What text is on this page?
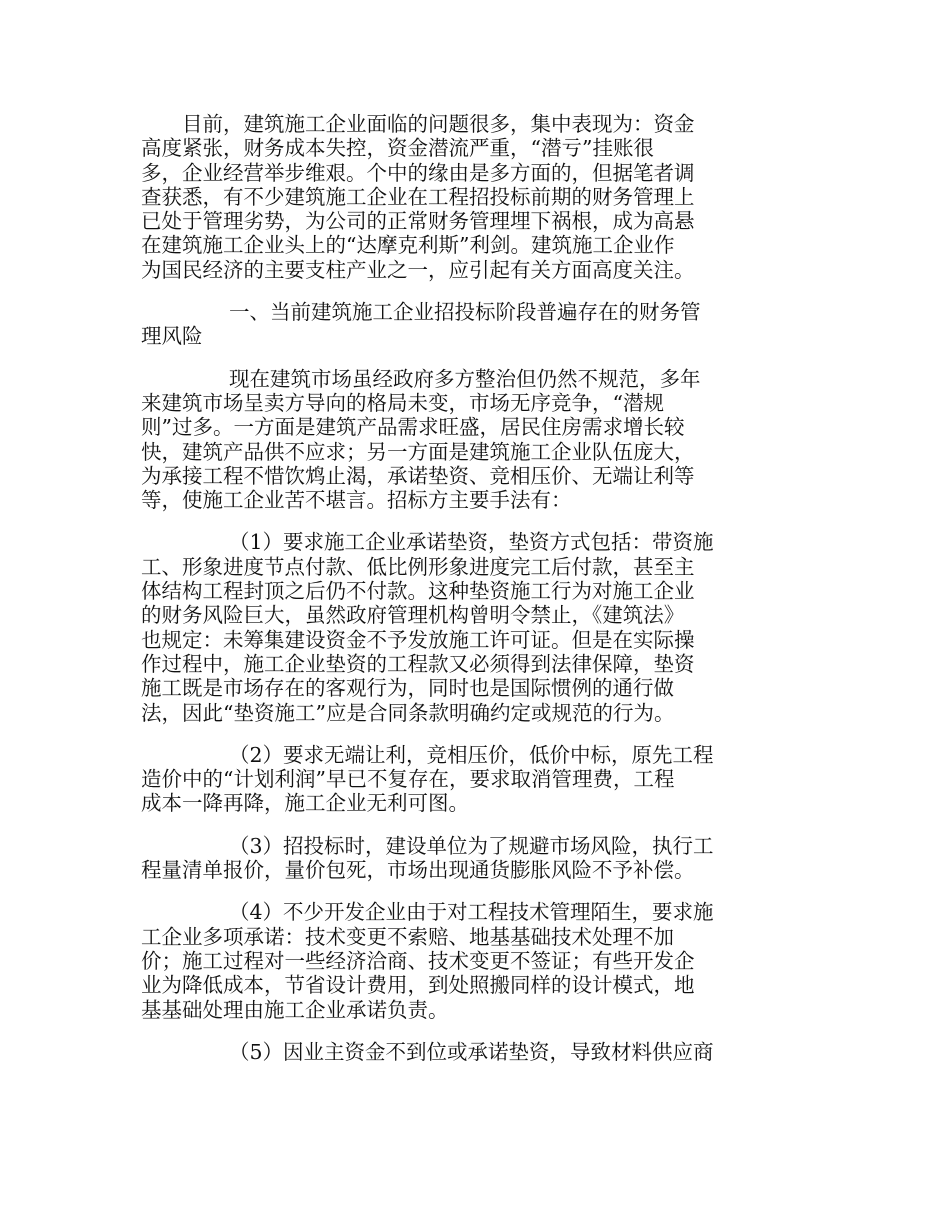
目前，建筑施工企业面临的问题很多，集中表现为：资金
高度紧张，财务成本失控，资金潜流严重，“潜亏”挂账很
多，企业经营举步维艰。个中的缘由是多方面的，但据笔者调
查获悉，有不少建筑施工企业在工程招投标前期的财务管理上
已处于管理劣势，为公司的正常财务管理埋下祸根，成为高悬
在建筑施工企业头上的“达摩克利斯”利剑。建筑施工企业作
为国民经济的主要支柱产业之一，应引起有关方面高度关注。
一、当前建筑施工企业招投标阶段普遍存在的财务管
理风险
现在建筑市场虽经政府多方整治但仍然不规范，多年
来建筑市场呈卖方导向的格局未变，市场无序竞争，“潜规
则”过多。一方面是建筑产品需求旺盛，居民住房需求增长较
快，建筑产品供不应求；另一方面是建筑施工企业队伍庞大，
为承接工程不惜饮鸩止渴，承诺垫资、竞相压价、无端让利等
等，使施工企业苦不堪言。招标方主要手法有：
（1）要求施工企业承诺垫资，垫资方式包括：带资施
工、形象进度节点付款、低比例形象进度完工后付款，甚至主
体结构工程封顶之后仍不付款。这种垫资施工行为对施工企业
的财务风险巨大，虽然政府管理机构曾明令禁止，《建筑法》
也规定：未筹集建设资金不予发放施工许可证。但是在实际操
作过程中，施工企业垫资的工程款又必须得到法律保障，垫资
施工既是市场存在的客观行为，同时也是国际惯例的通行做
法，因此“垫资施工”应是合同条款明确约定或规范的行为。
（2）要求无端让利，竞相压价，低价中标，原先工程
造价中的“计划利润”早已不复存在，要求取消管理费，工程
成本一降再降，施工企业无利可图。
（3）招投标时，建设单位为了规避市场风险，执行工
程量清单报价，量价包死，市场出现通货膨胀风险不予补偿。
（4）不少开发企业由于对工程技术管理陌生，要求施
工企业多项承诺：技术变更不索赔、地基基础技术处理不加
价；施工过程对一些经济洽商、技术变更不签证；有些开发企
业为降低成本，节省设计费用，到处照搬同样的设计模式，地
基基础处理由施工企业承诺负责。
（5）因业主资金不到位或承诺垫资，导致材料供应商
